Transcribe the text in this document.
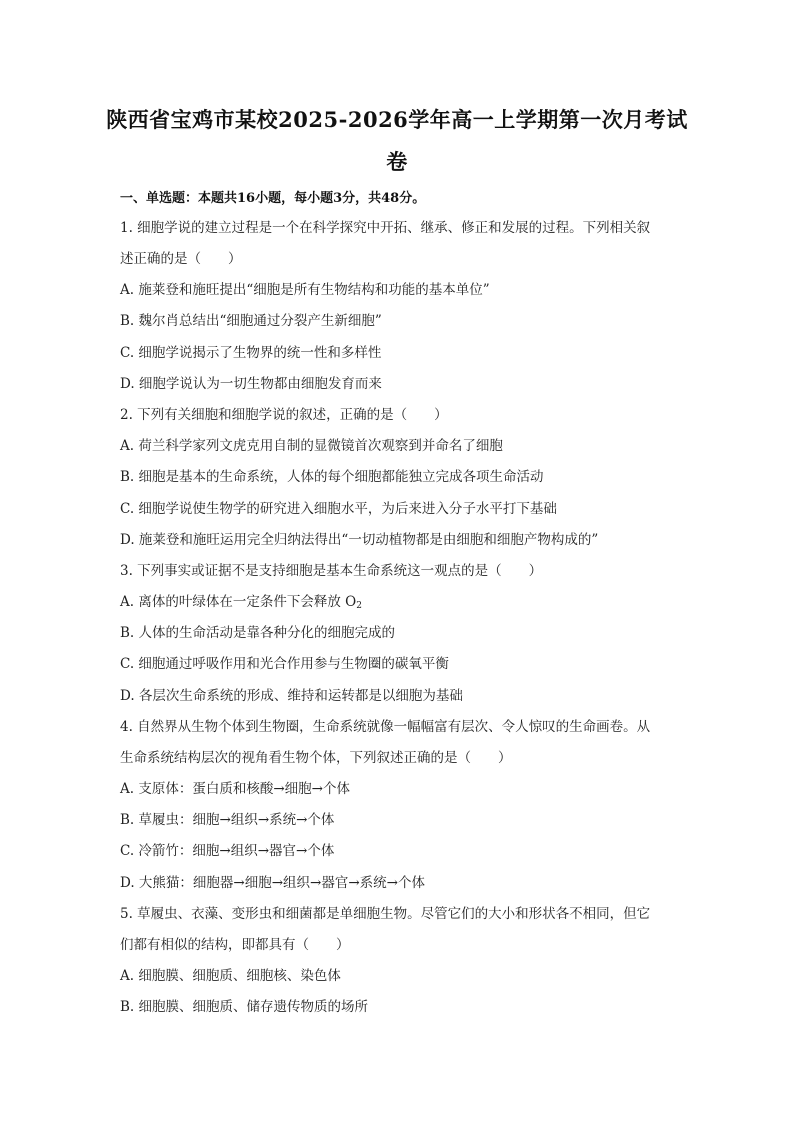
陕西省宝鸡市某校2025-2026学年高一上学期第一次月考试
卷
一、单选题：本题共16小题，每小题3分，共48分。
1. 细胞学说的建立过程是一个在科学探究中开拓、继承、修正和发展的过程。下列相关叙
述正确的是（　　）
A. 施莱登和施旺提出“细胞是所有生物结构和功能的基本单位”
B. 魏尔肖总结出“细胞通过分裂产生新细胞”
C. 细胞学说揭示了生物界的统一性和多样性
D. 细胞学说认为一切生物都由细胞发育而来
2. 下列有关细胞和细胞学说的叙述，正确的是（　　）
A. 荷兰科学家列文虎克用自制的显微镜首次观察到并命名了细胞
B. 细胞是基本的生命系统，人体的每个细胞都能独立完成各项生命活动
C. 细胞学说使生物学的研究进入细胞水平，为后来进入分子水平打下基础
D. 施莱登和施旺运用完全归纳法得出“一切动植物都是由细胞和细胞产物构成的”
3. 下列事实或证据不是支持细胞是基本生命系统这一观点的是（　　）
A. 离体的叶绿体在一定条件下会释放 $O_2$
B. 人体的生命活动是靠各种分化的细胞完成的
C. 细胞通过呼吸作用和光合作用参与生物圈的碳氧平衡
D. 各层次生命系统的形成、维持和运转都是以细胞为基础
4. 自然界从生物个体到生物圈，生命系统就像一幅幅富有层次、令人惊叹的生命画卷。从
生命系统结构层次的视角看生物个体，下列叙述正确的是（　　）
A. 支原体：蛋白质和核酸→细胞→个体
B. 草履虫：细胞→组织→系统→个体
C. 冷箭竹：细胞→组织→器官→个体
D. 大熊猫：细胞器→细胞→组织→器官→系统→个体
5. 草履虫、衣藻、变形虫和细菌都是单细胞生物。尽管它们的大小和形状各不相同，但它
们都有相似的结构，即都具有（　　）
A. 细胞膜、细胞质、细胞核、染色体
B. 细胞膜、细胞质、储存遗传物质的场所
